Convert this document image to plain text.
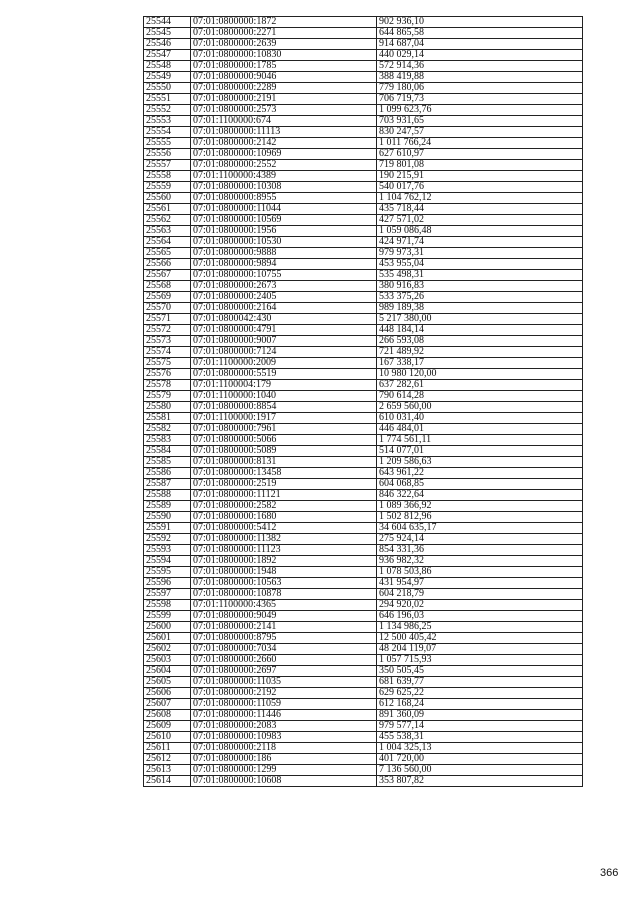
25544	07:01:0800000:1872	902 936,10
25545	07:01:0800000:2271	644 865,58
25546	07:01:0800000:2639	914 687,04
25547	07:01:0800000:10830	440 029,14
25548	07:01:0800000:1785	572 914,36
25549	07:01:0800000:9046	388 419,88
25550	07:01:0800000:2289	779 180,06
25551	07:01:0800000:2191	706 719,73
25552	07:01:0800000:2573	1 099 623,76
25553	07:01:1100000:674	703 931,65
25554	07:01:0800000:11113	830 247,57
25555	07:01:0800000:2142	1 011 766,24
25556	07:01:0800000:10969	627 610,97
25557	07:01:0800000:2552	719 801,08
25558	07:01:1100000:4389	190 215,91
25559	07:01:0800000:10308	540 017,76
25560	07:01:0800000:8955	1 104 762,12
25561	07:01:0800000:11044	435 718,44
25562	07:01:0800000:10569	427 571,02
25563	07:01:0800000:1956	1 059 086,48
25564	07:01:0800000:10530	424 971,74
25565	07:01:0800000:9888	979 973,31
25566	07:01:0800000:9894	453 955,04
25567	07:01:0800000:10755	535 498,31
25568	07:01:0800000:2673	380 916,83
25569	07:01:0800000:2405	533 375,26
25570	07:01:0800000:2164	989 189,38
25571	07:01:0800042:430	5 217 380,00
25572	07:01:0800000:4791	448 184,14
25573	07:01:0800000:9007	266 593,08
25574	07:01:0800000:7124	721 489,92
25575	07:01:1100000:2009	167 338,17
25576	07:01:0800000:5519	10 980 120,00
25578	07:01:1100004:179	637 282,61
25579	07:01:1100000:1040	790 614,28
25580	07:01:0800000:8854	2 659 560,00
25581	07:01:1100000:1917	610 031,40
25582	07:01:0800000:7961	446 484,01
25583	07:01:0800000:5066	1 774 561,11
25584	07:01:0800000:5089	514 077,01
25585	07:01:0800000:8131	1 209 586,63
25586	07:01:0800000:13458	643 961,22
25587	07:01:0800000:2519	604 068,85
25588	07:01:0800000:11121	846 322,64
25589	07:01:0800000:2582	1 089 366,92
25590	07:01:0800000:1680	1 502 812,96
25591	07:01:0800000:5412	34 604 635,17
25592	07:01:0800000:11382	275 924,14
25593	07:01:0800000:11123	854 331,36
25594	07:01:0800000:1892	936 982,32
25595	07:01:0800000:1948	1 078 503,86
25596	07:01:0800000:10563	431 954,97
25597	07:01:0800000:10878	604 218,79
25598	07:01:1100000:4365	294 920,02
25599	07:01:0800000:9049	646 196,03
25600	07:01:0800000:2141	1 134 986,25
25601	07:01:0800000:8795	12 500 405,42
25602	07:01:0800000:7034	48 204 119,07
25603	07:01:0800000:2660	1 057 715,93
25604	07:01:0800000:2697	350 505,45
25605	07:01:0800000:11035	681 639,77
25606	07:01:0800000:2192	629 625,22
25607	07:01:0800000:11059	612 168,24
25608	07:01:0800000:11446	891 360,09
25609	07:01:0800000:2083	979 577,14
25610	07:01:0800000:10983	455 538,31
25611	07:01:0800000:2118	1 004 325,13
25612	07:01:0800000:186	401 720,00
25613	07:01:0800000:1299	7 136 560,00
25614	07:01:0800000:10608	353 807,82
366
